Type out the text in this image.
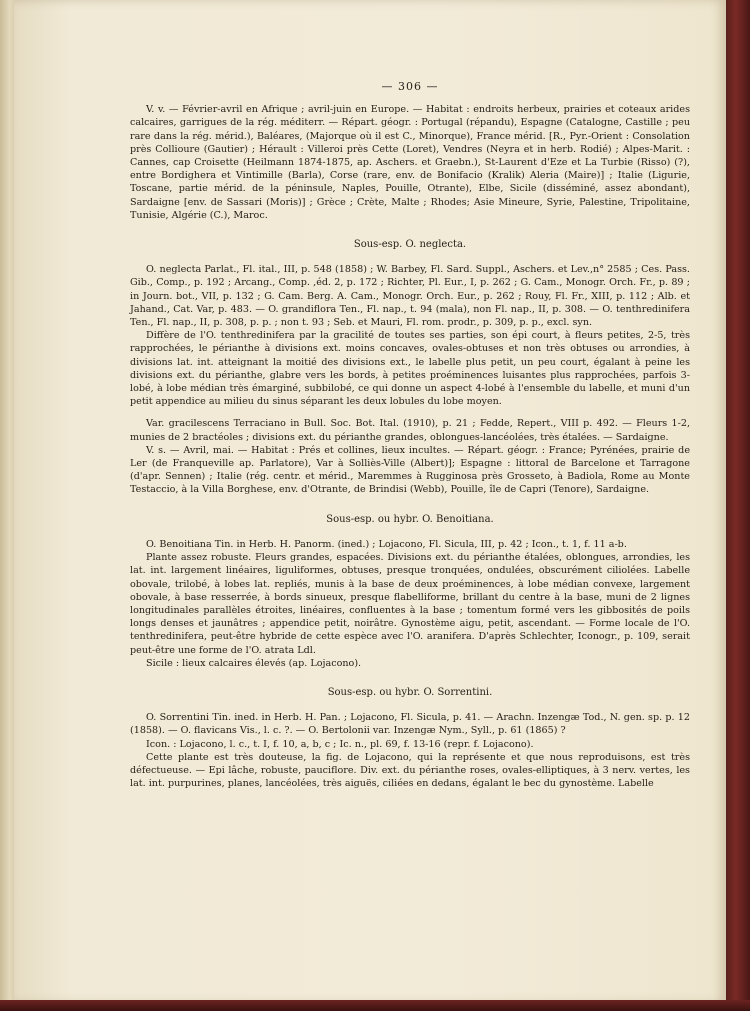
— 306 —

V. v. — Février-avril en Afrique ; avril-juin en Europe. — Habitat : endroits herbeux, prairies et coteaux arides calcaires, garrigues de la rég. méditerr. — Répart. géogr. : Portugal (répandu), Espagne (Catalogne, Castille ; peu rare dans la rég. mérid.), Baléares, (Majorque où il est C., Minorque), France mérid. [R., Pyr.-Orient : Consolation près Collioure (Gautier) ; Hérault : Villeroi près Cette (Loret), Vendres (Neyra et in herb. Rodié) ; Alpes-Marit. : Cannes, cap Croisette (Heilmann 1874-1875, ap. Aschers. et Graebn.), St-Laurent d'Eze et La Turbie (Risso) (?), entre Bordighera et Vintimille (Barla), Corse (rare, env. de Bonifacio (Kralik) Aleria (Maire)] ; Italie (Ligurie, Toscane, partie mérid. de la péninsule, Naples, Pouille, Otrante), Elbe, Sicile (disséminé, assez abondant), Sardaigne [env. de Sassari (Moris)] ; Grèce ; Crète, Malte ; Rhodes; Asie Mineure, Syrie, Palestine, Tripolitaine, Tunisie, Algérie (C.), Maroc.

Sous-esp. O. neglecta.

O. neglecta Parlat., Fl. ital., III, p. 548 (1858) ; W. Barbey, Fl. Sard. Suppl., Aschers. et Lev.,n° 2585 ; Ces. Pass. Gib., Comp., p. 192 ; Arcang., Comp. ,éd. 2, p. 172 ; Richter, Pl. Eur., I, p. 262 ; G. Cam., Monogr. Orch. Fr., p. 89 ; in Journ. bot., VII, p. 132 ; G. Cam. Berg. A. Cam., Monogr. Orch. Eur., p. 262 ; Rouy, Fl. Fr., XIII, p. 112 ; Alb. et Jahand., Cat. Var, p. 483. — O. grandiflora Ten., Fl. nap., t. 94 (mala), non Fl. nap., II, p. 308. — O. tenthredinifera Ten., Fl. nap., II, p. 308, p. p. ; non t. 93 ; Seb. et Mauri, Fl. rom. prodr., p. 309, p. p., excl. syn.

Diffère de l'O. tenthredinifera par la gracilité de toutes ses parties, son épi court, à fleurs petites, 2-5, très rapprochées, le périanthe à divisions ext. moins concaves, ovales-obtuses et non très obtuses ou arrondies, à divisions lat. int. atteignant la moitié des divisions ext., le labelle plus petit, un peu court, égalant à peine les divisions ext. du périanthe, glabre vers les bords, à petites proéminences luisantes plus rapprochées, parfois 3-lobé, à lobe médian très émarginé, subbilobé, ce qui donne un aspect 4-lobé à l'ensemble du labelle, et muni d'un petit appendice au milieu du sinus séparant les deux lobules du lobe moyen.

Var. gracilescens Terraciano in Bull. Soc. Bot. Ital. (1910), p. 21 ; Fedde, Repert., VIII p. 492. — Fleurs 1-2, munies de 2 bractéoles ; divisions ext. du périanthe grandes, oblongues-lancéolées, très étalées. — Sardaigne.

V. s. — Avril, mai. — Habitat : Prés et collines, lieux incultes. — Répart. géogr. : France; Pyrénées, prairie de Ler (de Franqueville ap. Parlatore), Var à Solliès-Ville (Albert)]; Espagne : littoral de Barcelone et Tarragone (d'apr. Sennen) ; Italie (rég. centr. et mérid., Maremmes à Rugginosa près Grosseto, à Badiola, Rome au Monte Testaccio, à la Villa Borghese, env. d'Otrante, de Brindisi (Webb), Pouille, île de Capri (Tenore), Sardaigne.

Sous-esp. ou hybr. O. Benoitiana.

O. Benoitiana Tin. in Herb. H. Panorm. (ined.) ; Lojacono, Fl. Sicula, III, p. 42 ; Icon., t. 1, f. 11 a-b.

Plante assez robuste. Fleurs grandes, espacées. Divisions ext. du périanthe étalées, oblongues, arrondies, les lat. int. largement linéaires, liguliformes, obtuses, presque tronquées, ondulées, obscurément ciliolées. Labelle obovale, trilobé, à lobes lat. repliés, munis à la base de deux proéminences, à lobe médian convexe, largement obovale, à base resserrée, à bords sinueux, presque flabelliforme, brillant du centre à la base, muni de 2 lignes longitudinales parallèles étroites, linéaires, confluentes à la base ; tomentum formé vers les gibbosités de poils longs denses et jaunâtres ; appendice petit, noirâtre. Gynostème aigu, petit, ascendant. — Forme locale de l'O. tenthredinifera, peut-être hybride de cette espèce avec l'O. aranifera. D'après Schlechter, Iconogr., p. 109, serait peut-être une forme de l'O. atrata Ldl.

Sicile : lieux calcaires élevés (ap. Lojacono).

Sous-esp. ou hybr. O. Sorrentini.

O. Sorrentini Tin. ined. in Herb. H. Pan. ; Lojacono, Fl. Sicula, p. 41. — Arachn. Inzengæ Tod., N. gen. sp. p. 12 (1858). — O. flavicans Vis., l. c. ?. — O. Bertolonii var. Inzengæ Nym., Syll., p. 61 (1865) ?

Icon. : Lojacono, l. c., t. I, f. 10, a, b, c ; Ic. n., pl. 69, f. 13-16 (repr. f. Lojacono).

Cette plante est très douteuse, la fig. de Lojacono, qui la représente et que nous reproduisons, est très défectueuse. — Epi lâche, robuste, pauciflore. Div. ext. du périanthe roses, ovales-elliptiques, à 3 nerv. vertes, les lat. int. purpurines, planes, lancéolées, très aiguës, ciliées en dedans, égalant le bec du gynostème. Labelle
